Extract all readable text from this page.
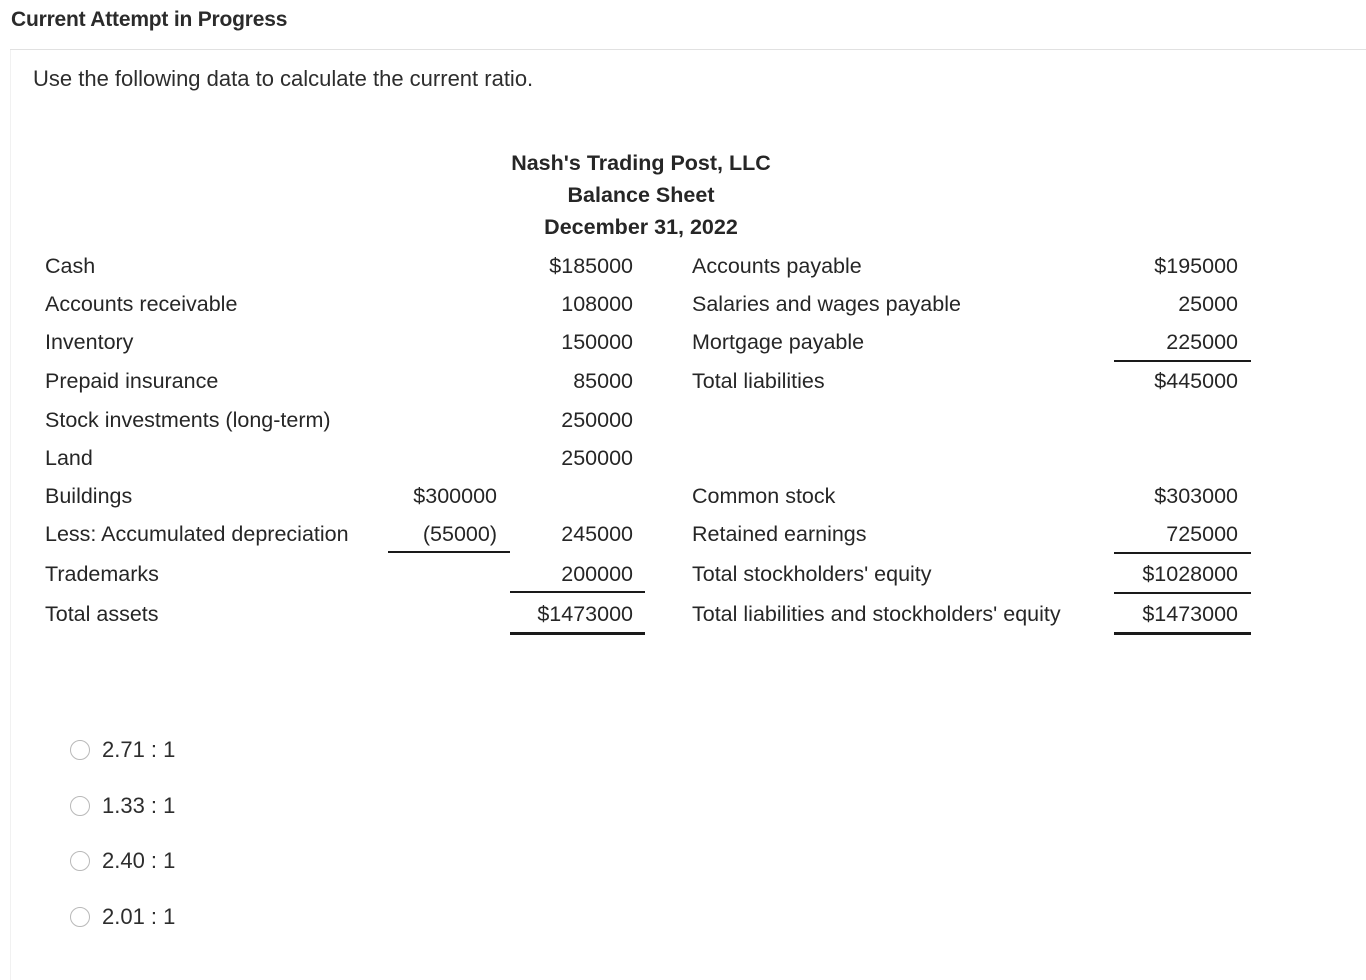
Current Attempt in Progress
Use the following data to calculate the current ratio.
Nash's Trading Post, LLC
Balance Sheet
December 31, 2022
Cash
Accounts receivable
Inventory
Prepaid insurance
Stock investments (long-term)
Land
Buildings
Less: Accumulated depreciation
Trademarks
Total assets
$300000
(55000)
$185000
108000
150000
85000
250000
250000
245000
200000
$1473000
Accounts payable
Salaries and wages payable
Mortgage payable
Total liabilities
$195000
25000
225000
$445000
Common stock
Retained earnings
Total stockholders' equity
Total liabilities and stockholders' equity
$303000
725000
$1028000
$1473000
2.71 : 1
1.33 : 1
2.40 : 1
2.01 : 1
